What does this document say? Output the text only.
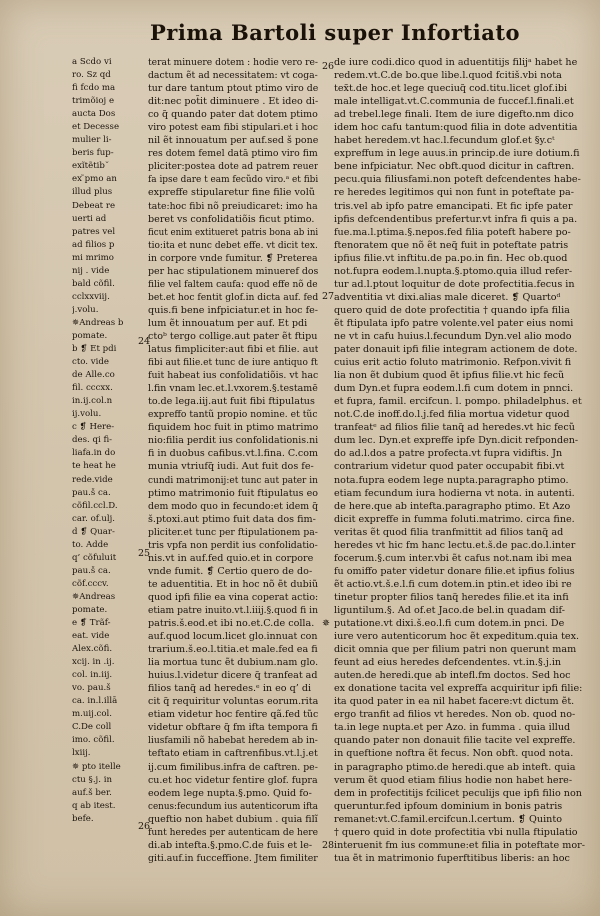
Prima Bartoli super Infortiato
a Scdo vi
ro. Sz qd
fi fcdo ma
trimõioj e
aucta Dos
et Decesse
mulier li-
beris fup-
exĩtẽtib˘
ex ̃pmo an
illud plus
Debeat re
uerti ad
patres vel
ad filios p
mi mrimo
nij . vide
bald cõfil.
cclxxviij.
j.volu.
✵Andreas b
pomate.
b ❡ Et pdi
cto. vide
de Alle.co
fil. cccxx.
in.ij.col.n
ij.volu.
c ❡ Here-
des. qi fi-
liafa.in do
te heat he
rede.vide
pau.š ca.
cõfil.ccl.D.
car. of.ulj.
d ❡ Quar-
to. Adde
q’ cõfuluit
pau.š ca.
cõf.cccv.
✵Andreas
pomate.
e ❡ Trãf-
eat. vide
Alex.cõfi.
xcij. in .ij.
col. in.iij.
vo. pau.š
ca. in.l.illā
m.uij.col.
C.De coll
imo. cõfil.
lxiij.
✵ pto itelle
ctu §.j. in
auf.š ber.
q ab itest.
befe.
terat minuere dotem : hodie vero re-
dactum ẽt ad necessitatem: vt coga-
tur dare tantum ptout ptimo viro de
dit:nec pot̃it diminuere . Et ideo di-
co q̃ quando pater dat dotem ptimo
viro potest eam fibi stipulari.et i hoc
nil ẽt innouatum per auf.sed š pone
res dotem femel datā ptimo viro fim
pliciter:postea dote ad patrem reuer
fa ipse dare t eam fecũdo viro.ᵃ et fibi
expreffe stipularetur fine filie volũ
tate:hoc fibi nõ preiudicaret: imo ha
beret vs confolidatiõis ficut ptimo.
ficut enim extitueret patris bona ab ini
tio:ita et nunc debet effe. vt dicit tex.
in corpore vnde fumitur. ❡ Preterea
per hac stipulationem minueref dos
filie vel faltem caufa: quod effe nõ de
bet.et hoc fentit glof.in dicta auf. fed
quis.fi bene infpiciatur.et in hoc fe-
lum ẽt innouatum per auf. Et pdi
ctoᵇ tergo collige.aut pater ẽt ftipu
latus fimpliciter:aut fibi et filie. aut
fibi aut filie.et tunc de iure antiquo ft
fuit habeat ius confolidatiõis. vt hac
l.fin vnam lec.et.l.vxorem.§.testamē
to.de lega.iij.aut fuit fibi ftipulatus
expreffo tantũ propio nomine. et tũc
fiquidem hoc fuit in ptimo matrimo
nio:filia perdit ius confolidationis.ni
fi in duobus cafibus.vt.l.fina. C.com
munia vtriufq̃ iudi. Aut fuit dos fe-
cundi matrimonij:et tunc aut pater in
ptimo matrimonio fuit ftipulatus eo
dem modo quo in fecundo:et idem q̃
š.ptoxi.aut ptimo fuit data dos fim-
pliciter.et tunc per ftipulationem pa-
tris vpfa non perdit ius confolidatio-
nis.vt in auf.fed quio.et in corpore
vnde fumit. ❡ Certio quero de do-
te aduentitia. Et in hoc nõ ẽt dubiũ
quod ipfi filie ea vina coperat actio:
etiam patre inuito.vt.l.iiij.§.quod fi in
patris.š.eod.et ibi no.et.C.de colla.
auf.quod locum.licet glo.innuat con
trarium.š.eo.l.titia.et male.fed ea fi
lia mortua tunc ẽt dubium.nam glo.
huius.l.videtur dicere q̃ tranfeat ad
filios tanq̃ ad heredes.ᵉ in eo q’ di
cit q̃ requiritur voluntas eorum.rita
etiam videtur hoc fentire qã.fed tũc
videtur obftare q̃ fm ifta tempora fi
liusfamili nõ habebat heredem ab in-
teftato etiam in caftrenfibus.vt.l.j.et
ij.cum fimilibus.infra de caftren. pe-
cu.et hoc videtur fentire glof. fupra
eodem lege nupta.§.pmo. Quid fo-
cenus:fecundum ius autenticorum ifta
queftio non habet dubium . quia filĩ
funt heredes per autenticam de here
di.ab intefta.§.pmo.C.de fuis et le-
giti.auf.in fucceffione. Jtem fimiliter
de iure codi.dico quod in aduentitijs filijᵃ habet he
redem.vt.C.de bo.que libe.l.quod fcitiš.vbi nota
tex̃t.de hoc.et lege queciuq̃ cod.titu.licet glof.ibi
male intelligat.vt.C.communia de fuccef.l.finali.et
ad trebel.lege finali. Item de iure digefto.nm dico
idem hoc cafu tantum:quod filia in dote adventitia
habet heredem.vt hac.l.fecundum glof.et §y.cᵗ
expreffum in lege auus.in princip.de iure dotium.fi
bene infpiciatur. Nec obft.quod dicitur in caftren.
pecu.quia filiusfami.non poteft defcendentes habe-
re heredes legitimos qui non funt in poteftate pa-
tris.vel ab ipfo patre emancipati. Et fic ipfe pater
ipfis defcendentibus prefertur.vt infra fi quis a pa.
fue.ma.l.ptima.§.nepos.fed filia poteft habere po-
ftenoratem que nõ ẽt neq̃ fuit in poteftate patris
ipfius filie.vt inftitu.de pa.po.in fin. Hec ob.quod
not.fupra eodem.l.nupta.§.ptomo.quia illud refer-
tur ad.l.ptout loquitur de dote profectitia.fecus in
adventitia vt dixi.alias male diceret. ❡ Quartoᵈ
quero quid de dote profectitia † quando ipfa filia
ẽt ftipulata ipfo patre volente.vel pater eius nomi
ne vt in cafu huius.l.fecundum Dyn.vel alio modo
pater donauit ipfi filie integram actionem de dote.
cuius erit actio foluto matrimonio. Refpon.vivit fi
lia non ẽt dubium quod ẽt ipfius filie.vt hic fecũ
dum Dyn.et fupra eodem.l.fi cum dotem in pnnci.
et fupra, famil. ercifcun. l. pompo. philadelphus. et
not.C.de inoff.do.l.j.fed filia mortua videtur quod
tranfeatᵉ ad filios filie tanq̃ ad heredes.vt hic fecũ
dum lec. Dyn.et expreffe ipfe Dyn.dicit refponden-
do ad.l.dos a patre profecta.vt fupra vidiftis. Jn
contrarium videtur quod pater occupabit fibi.vt
nota.fupra eodem lege nupta.paragrapho ptimo.
etiam fecundum iura hodierna vt nota. in autenti.
de here.que ab intefta.paragrapho ptimo. Et Azo
dicit expreffe in fumma foluti.matrimo. circa fine.
veritas ẽt quod filia tranfmittit ad filios tanq̃ ad
heredes vt hic fm hanc lectu.et.š.de pac.do.l.inter
focerum.§.cum inter.vbi ẽt cafus not.nam ibi mea
fu omiffo pater videtur donare filie.et ipfius folius
ẽt actio.vt.š.e.l.fi cum dotem.in ptin.et ideo ibi re
tinetur propter filios tanq̃ heredes filie.et ita infi
liguntilum.§. Ad of.et Jaco.de bel.in quadam dif-
putatione.vt dixi.š.eo.l.fi cum dotem.in pnci. De
iure vero autenticorum hoc ẽt expeditum.quia tex.
dicit omnia que per filium patri non querunt mam
feunt ad eius heredes defcendentes. vt.in.§.j.in
auten.de heredi.que ab intefl.fm doctos. Sed hoc
ex donatione tacita vel expreffa acquiritur ipfi filie:
ita quod pater in ea nil habet facere:vt dictum ẽt.
ergo tranfit ad filios vt heredes. Non ob. quod no-
ta.in lege nupta.et per Azo. in fumma . quia illud
quando pater non donauit filie tacite vel expreffe.
in queftione noftra ẽt fecus. Non obft. quod nota.
in paragrapho ptimo.de heredi.que ab inteft. quia
verum ẽt quod etiam filius hodie non habet here-
dem in profectitijs fcilicet peculijs que ipfi filio non
queruntur.fed ipfoum dominium in bonis patris
remanet:vt.C.famil.ercifcun.l.certum. ❡ Quinto
† quero quid in dote profectitia vbi nulla ftipulatio
interuenit fm ius commune:et filia in poteftate mor-
tua ẽt in matrimonio fuperftitibus liberis: an hoc
26
27
24
25
✵
26
28
